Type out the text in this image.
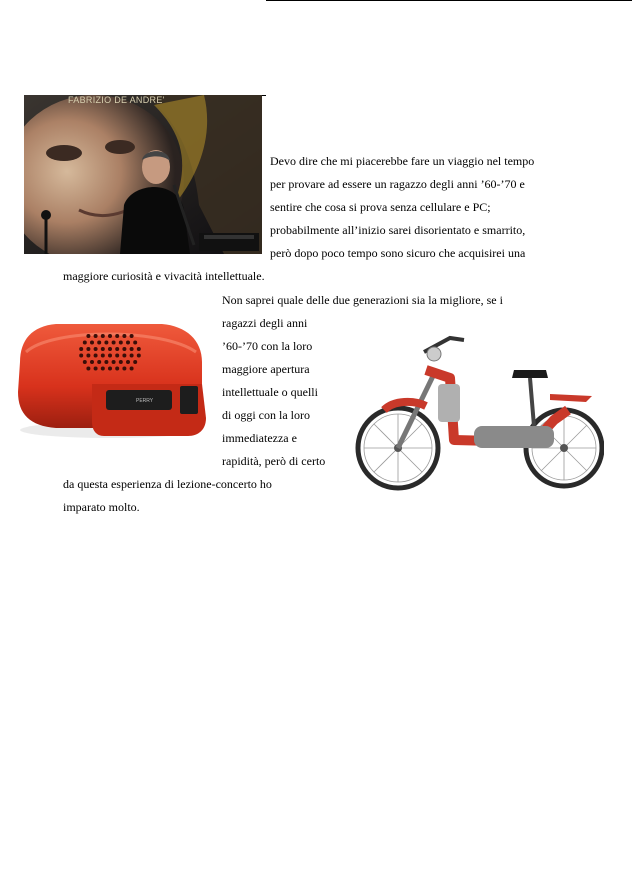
FABRIZIO DE ANDRE'
Devo dire che mi piacerebbe fare un viaggio nel tempo
per provare ad essere un ragazzo degli anni ’60-’70 e
sentire che cosa si prova senza cellulare e PC;
probabilmente all’inizio sarei disorientato e smarrito,
però dopo poco tempo sono sicuro che acquisirei una
maggiore curiosità e vivacità intellettuale.
Non saprei quale delle due generazioni sia la migliore, se i
ragazzi degli anni
’60-’70 con la loro
maggiore apertura
intellettuale o quelli
di oggi con la loro
immediatezza e
rapidità, però di certo
da questa esperienza di lezione-concerto ho
imparato molto.
PERRY
